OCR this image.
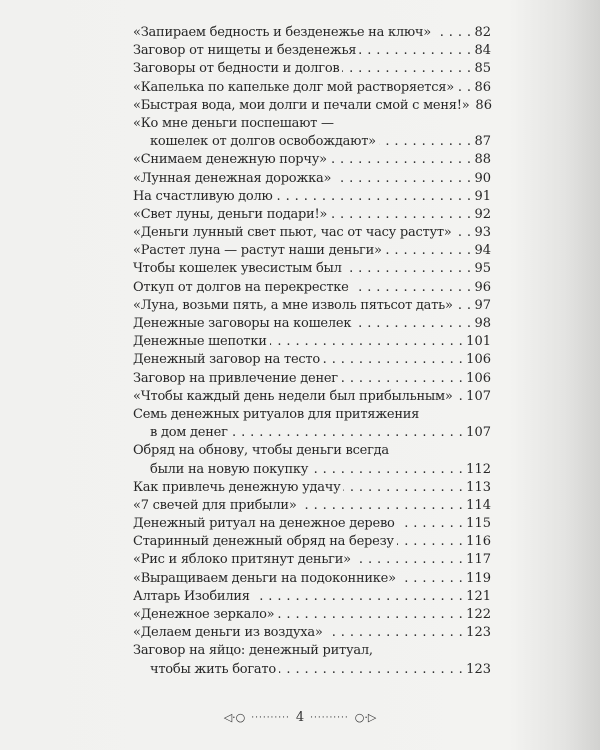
«Запираем бедность и безденежье на ключ» . . .	82
Заговор от нищеты и безденежья . . .	84
Заговоры от бедности и долгов . . .	85
«Капелька по капельке долг мой растворяется» . . . 86
«Быстрая вода, мои долги и печали смой с меня!» 86
«Ко мне деньги поспешают —
кошелек от долгов освобождают» . . .	87
«Снимаем денежную порчу» . . .	88
«Лунная денежная дорожка» . . .	90
На счастливую долю . . .	91
«Свет луны, деньги подари!» . . .	92
«Деньги лунный свет пьют, час от часу растут» . . . 93
«Растет луна — растут наши деньги» . . .	94
Чтобы кошелек увесистым был . . .	95
Откуп от долгов на перекрестке . . .	96
«Луна, возьми пять, а мне изволь пятьсот дать» . . . 97
Денежные заговоры на кошелек . . .	98
Денежные шепотки . . .	101
Денежный заговор на тесто . . .	106
Заговор на привлечение денег . . .	106
«Чтобы каждый день недели был прибыльным» . . . 107
Семь денежных ритуалов для притяжения
в дом денег . . .	107
Обряд на обнову, чтобы деньги всегда
были на новую покупку . . .	112
Как привлечь денежную удачу . . .	113
«7 свечей для прибыли» . . .	114
Денежный ритуал на денежное дерево . . .	115
Старинный денежный обряд на березу . . .	116
«Рис и яблоко притянут деньги» . . .	117
«Выращиваем деньги на подоконнике» . . .	119
Алтарь Изобилия . . .	121
«Денежное зеркало» . . .	122
«Делаем деньги из воздуха» . . .	123
Заговор на яйцо: денежный ритуал,
чтобы жить богато . . .	123
◁·○ ·········· 4 ·········· ○·▷
